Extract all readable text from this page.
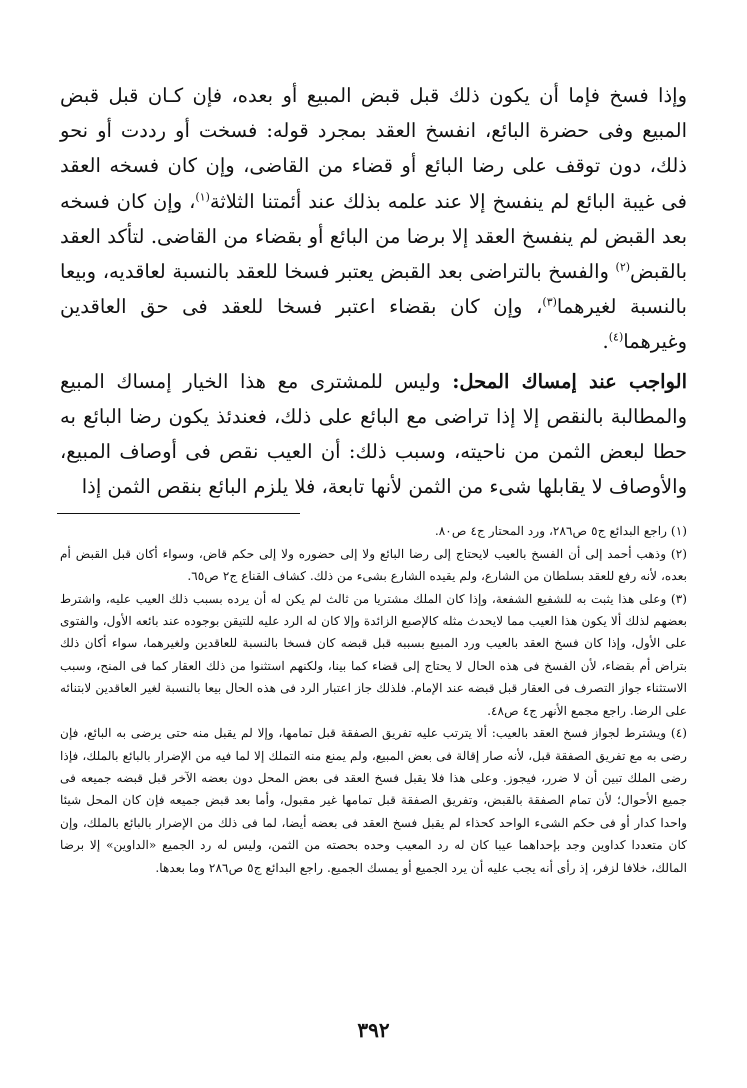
وإذا فسخ فإما أن يكون ذلك قبل قبض المبيع أو بعده، فإن كـان قبل قبض المبيع وفى حضرة البائع، انفسخ العقد بمجرد قوله: فسخت أو رددت أو نحو ذلك، دون توقف على رضا البائع أو قضاء من القاضى، وإن كان فسخه العقد فى غيبة البائع لم ينفسخ إلا عند علمه بذلك عند أئمتنا الثلاثة$^{(١)}$، وإن كان فسخه بعد القبض لم ينفسخ العقد إلا برضا من البائع أو بقضاء من القاضى. لتأكد العقد بالقبض$^{(٢)}$ والفسخ بالتراضى بعد القبض يعتبر فسخا للعقد بالنسبة لعاقديه، وبيعا بالنسبة لغيرهما$^{(٣)}$، وإن كان بقضاء اعتبر فسخا للعقد فى حق العاقدين وغيرهما$^{(٤)}$.

الواجب عند إمساك المحل: وليس للمشترى مع هذا الخيار إمساك المبيع والمطالبة بالنقص إلا إذا تراضى مع البائع على ذلك، فعندئذ يكون رضا البائع به حطا لبعض الثمن من ناحيته، وسبب ذلك: أن العيب نقص فى أوصاف المبيع، والأوصاف لا يقابلها شىء من الثمن لأنها تابعة، فلا يلزم البائع بنقص الثمن إذا

(١) راجع البدائع ج٥ ص٢٨٦، ورد المحتار ج٤ ص٨٠.

(٢) وذهب أحمد إلى أن الفسخ بالعيب لايحتاج إلى رضا البائع ولا إلى حضوره ولا إلى حكم قاض، وسواء أكان قبل القبض أم بعده، لأنه رفع للعقد بسلطان من الشارع، ولم يقيده الشارع بشىء من ذلك. كشاف القناع ج٢ ص٦٥.

(٣) وعلى هذا يثبت به للشفيع الشفعة، وإذا كان الملك مشتريا من ثالث لم يكن له أن يرده بسبب ذلك العيب عليه، واشترط بعضهم لذلك ألا يكون هذا العيب مما لايحدث مثله كالإصبع الزائدة وإلا كان له الرد عليه للتيقن بوجوده عند بائعه الأول، والفتوى على الأول، وإذا كان فسخ العقد بالعيب ورد المبيع بسببه قبل قبضه كان فسخا بالنسبة للعاقدين ولغيرهما، سواء أكان ذلك بتراض أم بقضاء، لأن الفسخ فى هذه الحال لا يحتاج إلى قضاء كما بينا، ولكنهم استثنوا من ذلك العقار كما فى المنح، وسبب الاستثناء جواز التصرف فى العقار قبل قبضه عند الإمام. فلذلك جاز اعتبار الرد فى هذه الحال بيعا بالنسبة لغير العاقدين لابتنائه على الرضا. راجع مجمع الأنهر ج٤ ص٤٨.

(٤) ويشترط لجواز فسخ العقد بالعيب: ألا يترتب عليه تفريق الصفقة قبل تمامها، وإلا لم يقبل منه حتى يرضى به البائع، فإن رضى به مع تفريق الصفقة قبل، لأنه صار إقالة فى بعض المبيع، ولم يمنع منه التملك إلا لما فيه من الإضرار بالبائع بالملك، فإذا رضى الملك تبين أن لا ضرر، فيجوز. وعلى هذا فلا يقبل فسخ العقد فى بعض المحل دون بعضه الآخر قبل قبضه جميعه فى جميع الأحوال؛ لأن تمام الصفقة بالقبض، وتفريق الصفقة قبل تمامها غير مقبول، وأما بعد قبض جميعه فإن كان المحل شيئا واحدا كدار أو فى حكم الشىء الواحد كحذاء لم يقبل فسخ العقد فى بعضه أيضا، لما فى ذلك من الإضرار بالبائع بالملك، وإن كان متعددا كداوين وجد بإحداهما عيبا كان له رد المعيب وحده بحصته من الثمن، وليس له رد الجميع «الداوين» إلا برضا المالك، خلافا لزفر، إذ رأى أنه يجب عليه أن يرد الجميع أو يمسك الجميع. راجع البدائع ج٥ ص٢٨٦ وما بعدها.

٣٩٢
